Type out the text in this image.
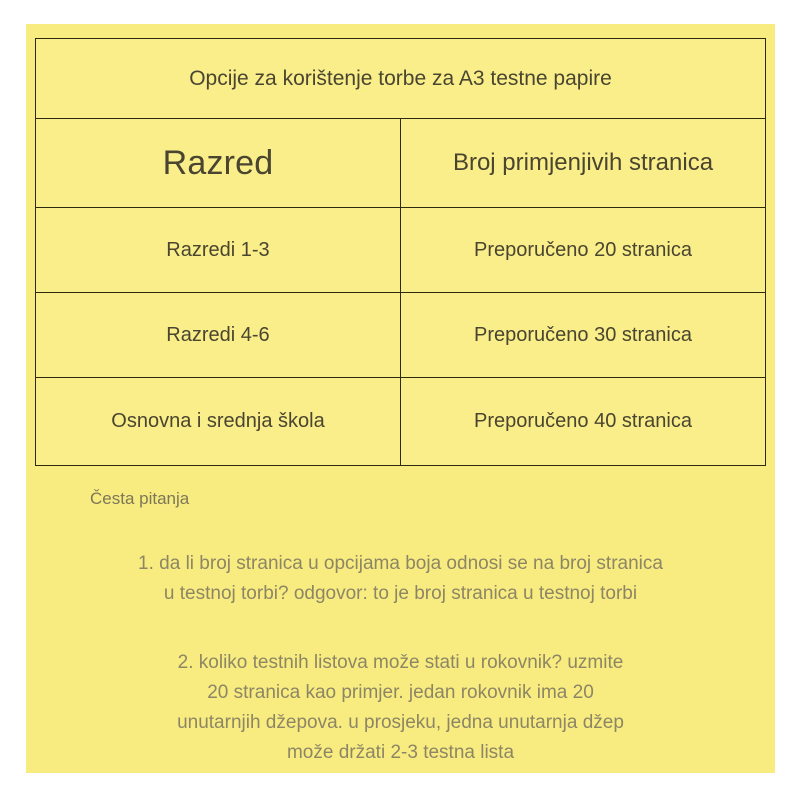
Opcije za korištenje torbe za A3 testne papire	
Razred	Broj primjenjivih stranica
Razredi 1-3	Preporučeno 20 stranica
Razredi 4-6	Preporučeno 30 stranica
Osnovna i srednja škola	Preporučeno 40 stranica
Česta pitanja
1. da li broj stranica u opcijama boja odnosi se na broj stranica
u testnoj torbi? odgovor: to je broj stranica u testnoj torbi
2. koliko testnih listova može stati u rokovnik? uzmite
20 stranica kao primjer. jedan rokovnik ima 20
unutarnjih džepova. u prosjeku, jedna unutarnja džep
može držati 2-3 testna lista
